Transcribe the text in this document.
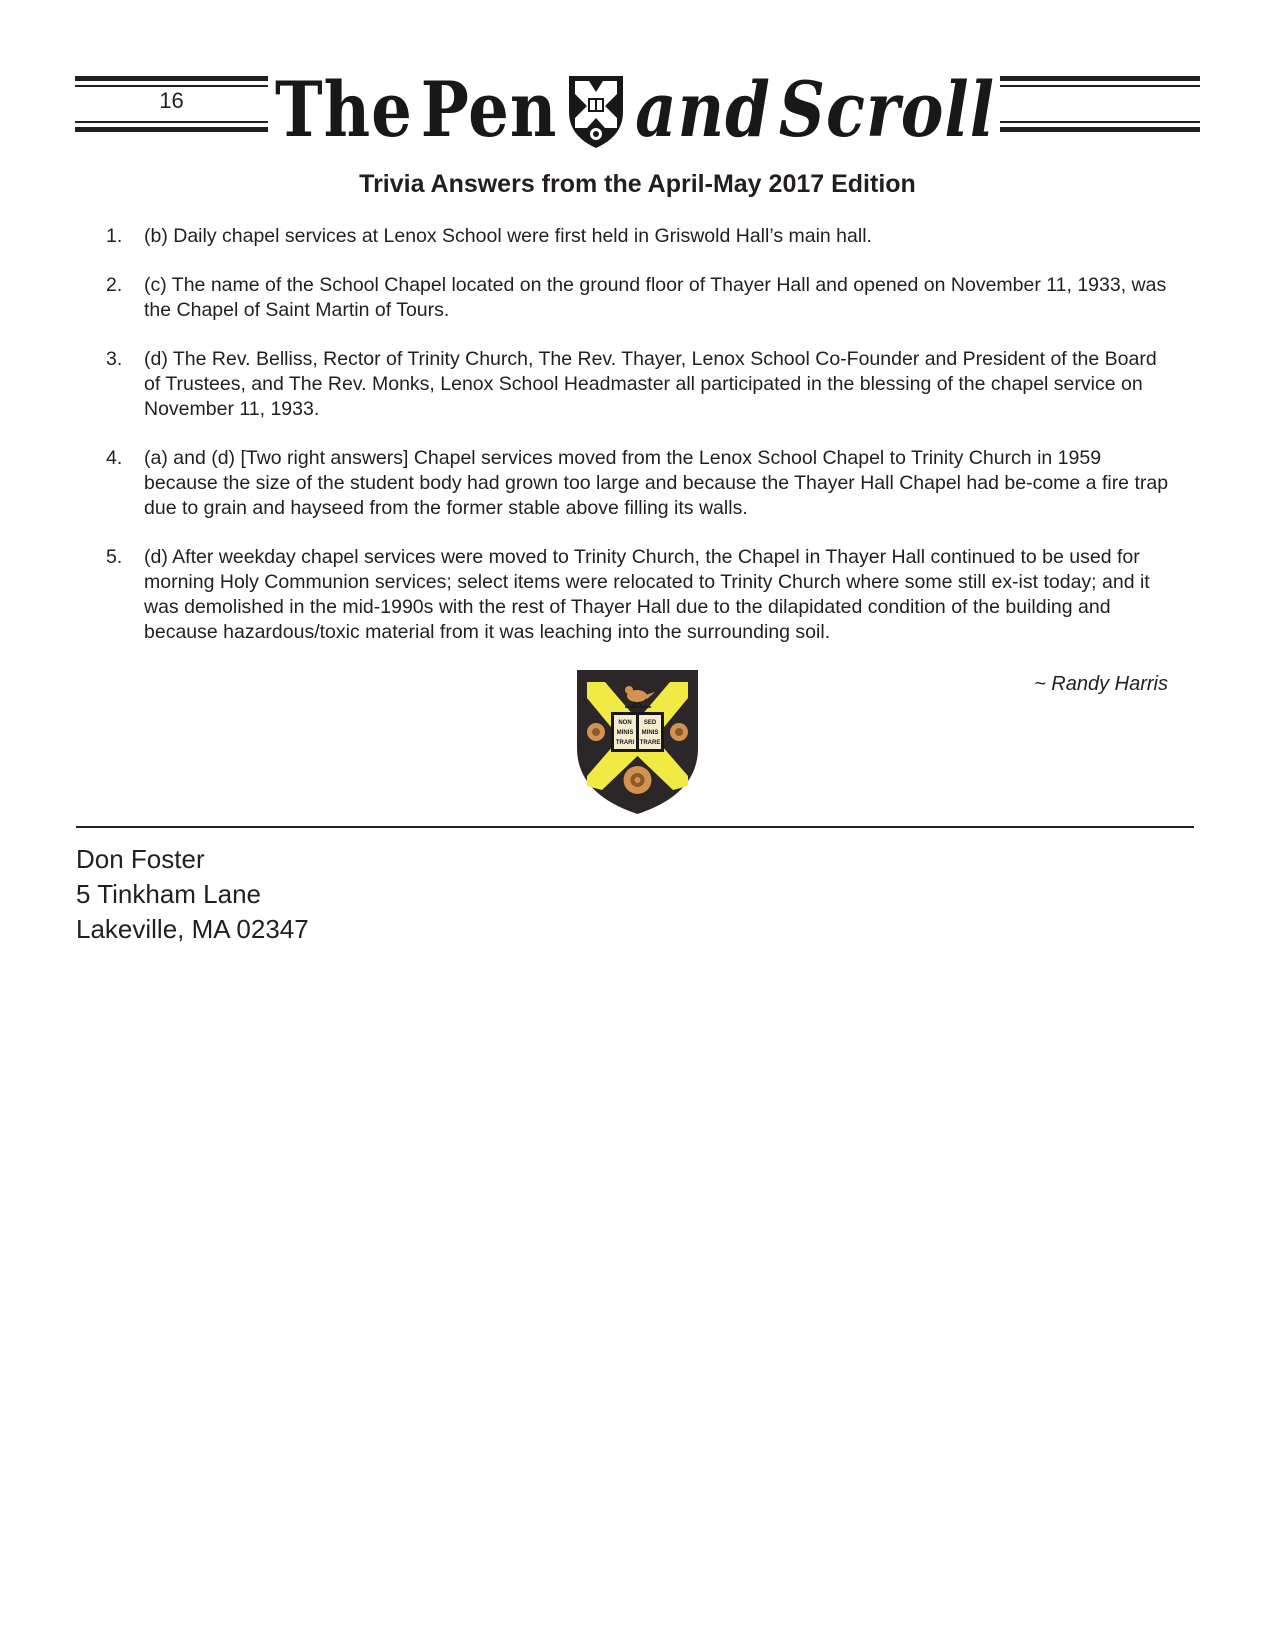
16	The Pen and Scroll
Trivia Answers from the April-May 2017 Edition
1.	(b) Daily chapel services at Lenox School were first held in Griswold Hall’s main hall.
2.	(c) The name of the School Chapel located on the ground floor of Thayer Hall and opened on November 11, 1933, was the Chapel of Saint Martin of Tours.
3.	(d) The Rev. Belliss, Rector of Trinity Church, The Rev. Thayer, Lenox School Co-Founder and President of the Board of Trustees, and The Rev. Monks, Lenox School Headmaster all participated in the blessing of the chapel service on November 11, 1933.
4.	(a) and (d) [Two right answers] Chapel services moved from the Lenox School Chapel to Trinity Church in 1959 because the size of the student body had grown too large and because the Thayer Hall Chapel had be-come a fire trap due to grain and hayseed from the former stable above filling its walls.
5.	(d) After weekday chapel services were moved to Trinity Church, the Chapel in Thayer Hall continued to be used for morning Holy Communion services; select items were relocated to Trinity Church where some still ex-ist today; and it was demolished in the mid-1990s with the rest of Thayer Hall due to the dilapidated condition of the building and because hazardous/toxic material from it was leaching into the surrounding soil.
~ Randy Harris
NON
MINIS
TRARI
SED
MINIS
TRARE
Don Foster
5 Tinkham Lane
Lakeville, MA 02347
